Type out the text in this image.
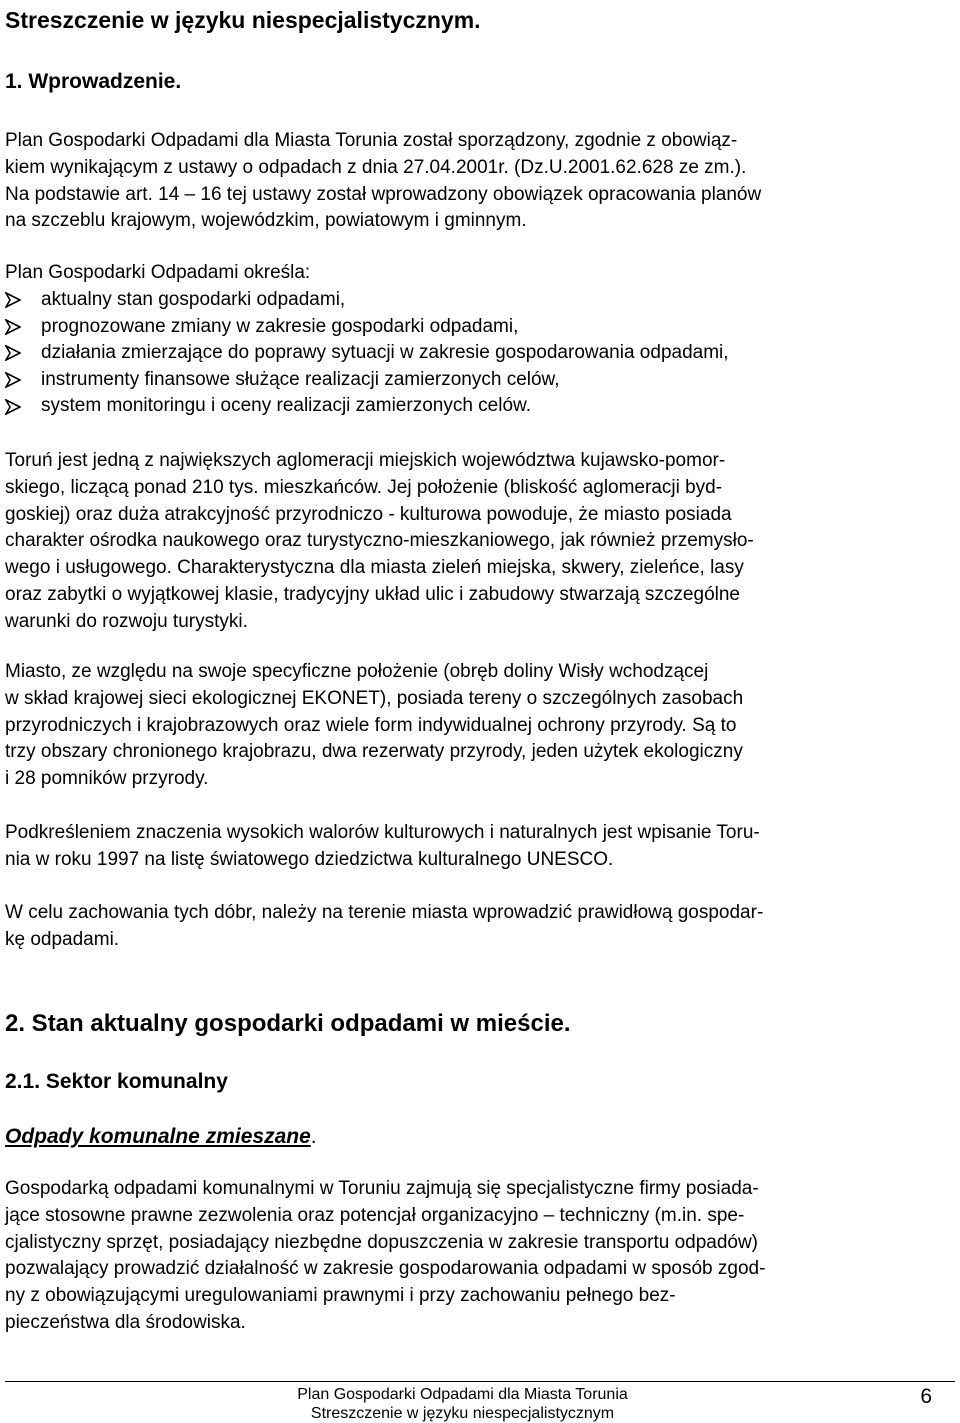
Streszczenie w języku niespecjalistycznym.
1. Wprowadzenie.
Plan Gospodarki Odpadami dla Miasta Torunia został sporządzony, zgodnie z obowiąz-
kiem wynikającym z ustawy o odpadach z dnia 27.04.2001r. (Dz.U.2001.62.628 ze zm.).
Na podstawie art. 14 – 16 tej ustawy został wprowadzony obowiązek opracowania planów
na szczeblu krajowym, wojewódzkim, powiatowym i gminnym.
Plan Gospodarki Odpadami określa:
aktualny stan gospodarki odpadami,
prognozowane zmiany w zakresie gospodarki odpadami,
działania zmierzające do poprawy sytuacji w zakresie gospodarowania odpadami,
instrumenty finansowe służące realizacji zamierzonych celów,
system monitoringu i oceny realizacji zamierzonych celów.
Toruń jest jedną z największych aglomeracji miejskich województwa kujawsko-pomor-
skiego, liczącą ponad 210 tys. mieszkańców. Jej położenie (bliskość aglomeracji byd-
goskiej) oraz duża atrakcyjność przyrodniczo - kulturowa powoduje, że miasto posiada
charakter ośrodka naukowego oraz turystyczno-mieszkaniowego, jak również przemysło-
wego i usługowego. Charakterystyczna dla miasta zieleń miejska, skwery, zieleńce, lasy
oraz zabytki o wyjątkowej klasie, tradycyjny układ ulic i zabudowy stwarzają szczególne
warunki do rozwoju turystyki.
Miasto, ze względu na swoje specyficzne położenie (obręb doliny Wisły wchodzącej
w skład krajowej sieci ekologicznej EKONET), posiada tereny o szczególnych zasobach
przyrodniczych i krajobrazowych oraz wiele form indywidualnej ochrony przyrody. Są to
trzy obszary chronionego krajobrazu, dwa rezerwaty przyrody, jeden użytek ekologiczny
i 28 pomników przyrody.
Podkreśleniem znaczenia wysokich walorów kulturowych i naturalnych jest wpisanie Toru-
nia w roku 1997 na listę światowego dziedzictwa kulturalnego UNESCO.
W celu zachowania tych dóbr, należy na terenie miasta wprowadzić prawidłową gospodar-
kę odpadami.
2. Stan aktualny gospodarki odpadami w mieście.
2.1. Sektor komunalny
Odpady komunalne zmieszane.
Gospodarką odpadami komunalnymi w Toruniu zajmują się specjalistyczne firmy posiada-
jące stosowne prawne zezwolenia oraz potencjał organizacyjno – techniczny (m.in. spe-
cjalistyczny sprzęt, posiadający niezbędne dopuszczenia w zakresie transportu odpadów)
pozwalający prowadzić działalność w zakresie gospodarowania odpadami w sposób zgod-
ny z obowiązującymi uregulowaniami prawnymi i przy zachowaniu pełnego bez-
pieczeństwa dla środowiska.
Plan Gospodarki Odpadami dla Miasta Torunia
Streszczenie w języku niespecjalistycznym
6
